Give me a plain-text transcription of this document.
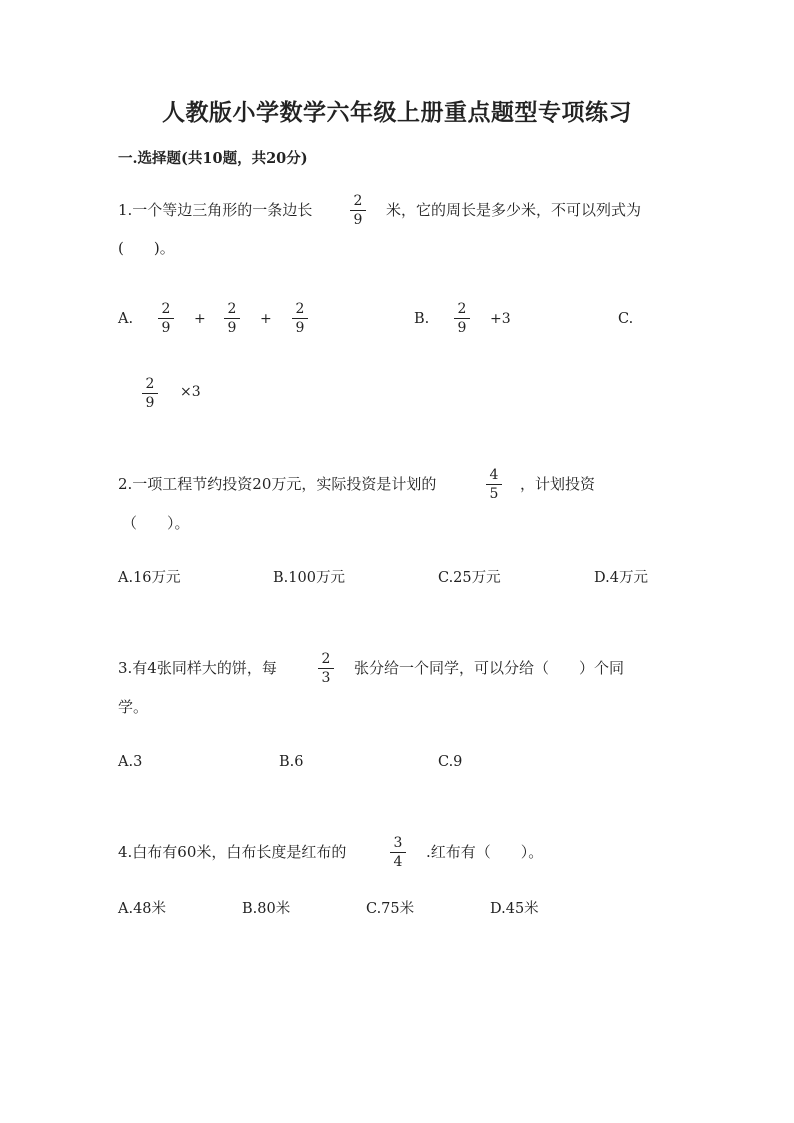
人教版小学数学六年级上册重点题型专项练习
一.选择题(共10题，共20分)
1.一个等边三角形的一条边长	2
9
米，它的周长是多少米，不可以列式为
(　　)。
A.
2
9
+
2
9
+
2
9
B.
2
9
+3	C.
2
9
×3
2.一项工程节约投资20万元，实际投资是计划的	4
5
，计划投资
（　　）。
A.16万元	B.100万元	C.25万元	D.4万元
3.有4张同样大的饼，每	2
3
张分给一个同学，可以分给（　　）个同
学。
A.3	B.6	C.9
4.白布有60米，白布长度是红布的	3
4
.红布有（　　）。
A.48米	B.80米	C.75米	D.45米
